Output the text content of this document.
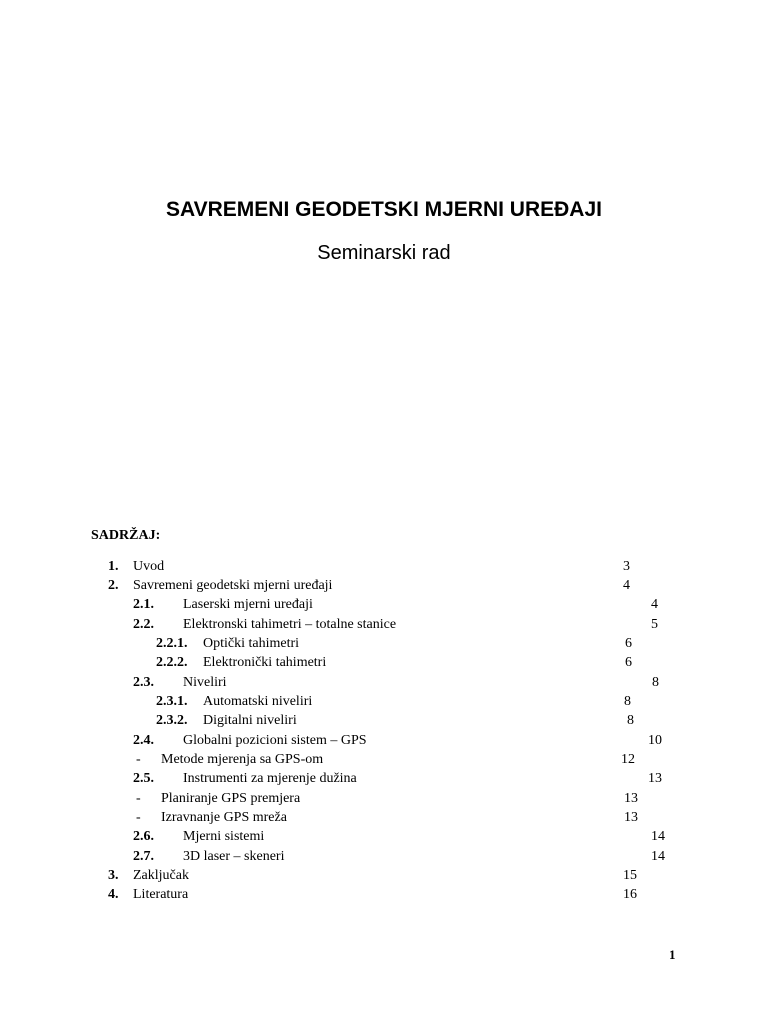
SAVREMENI GEODETSKI MJERNI UREĐAJI
Seminarski rad
SADRŽAJ:
1. Uvod	3
2. Savremeni geodetski mjerni uređaji	4
2.1. Laserski mjerni uređaji	4
2.2. Elektronski tahimetri – totalne stanice	5
2.2.1. Optički tahimetri	6
2.2.2. Elektronički tahimetri	6
2.3. Niveliri	8
2.3.1. Automatski niveliri	8
2.3.2. Digitalni niveliri	8
2.4. Globalni pozicioni sistem – GPS	10
- Metode mjerenja sa GPS-om	12
2.5. Instrumenti za mjerenje dužina	13
- Planiranje GPS premjera	13
- Izravnanje GPS mreža	13
2.6. Mjerni sistemi	14
2.7. 3D laser – skeneri	14
3. Zaključak	15
4. Literatura	16
1
